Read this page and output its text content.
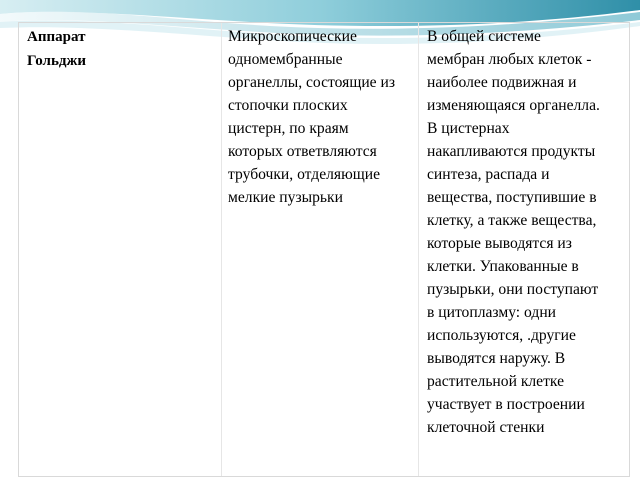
Аппарат
Гольджи
Микроскопические
одномембранные
органеллы, состоящие из
стопочки плоских
цистерн, по краям
которых ответвляются
трубочки, отделяющие
мелкие пузырьки
В общей системе
мембран любых клеток -
наиболее подвижная и
изменяющаяся органелла.
В цистернах
накапливаются продукты
синтеза, распада и
вещества, поступившие в
клетку, а также вещества,
которые выводятся из
клетки. Упакованные в
пузырьки, они поступают
в цитоплазму: одни
используются, .другие
выводятся наружу. В
растительной клетке
участвует в построении
клеточной стенки
